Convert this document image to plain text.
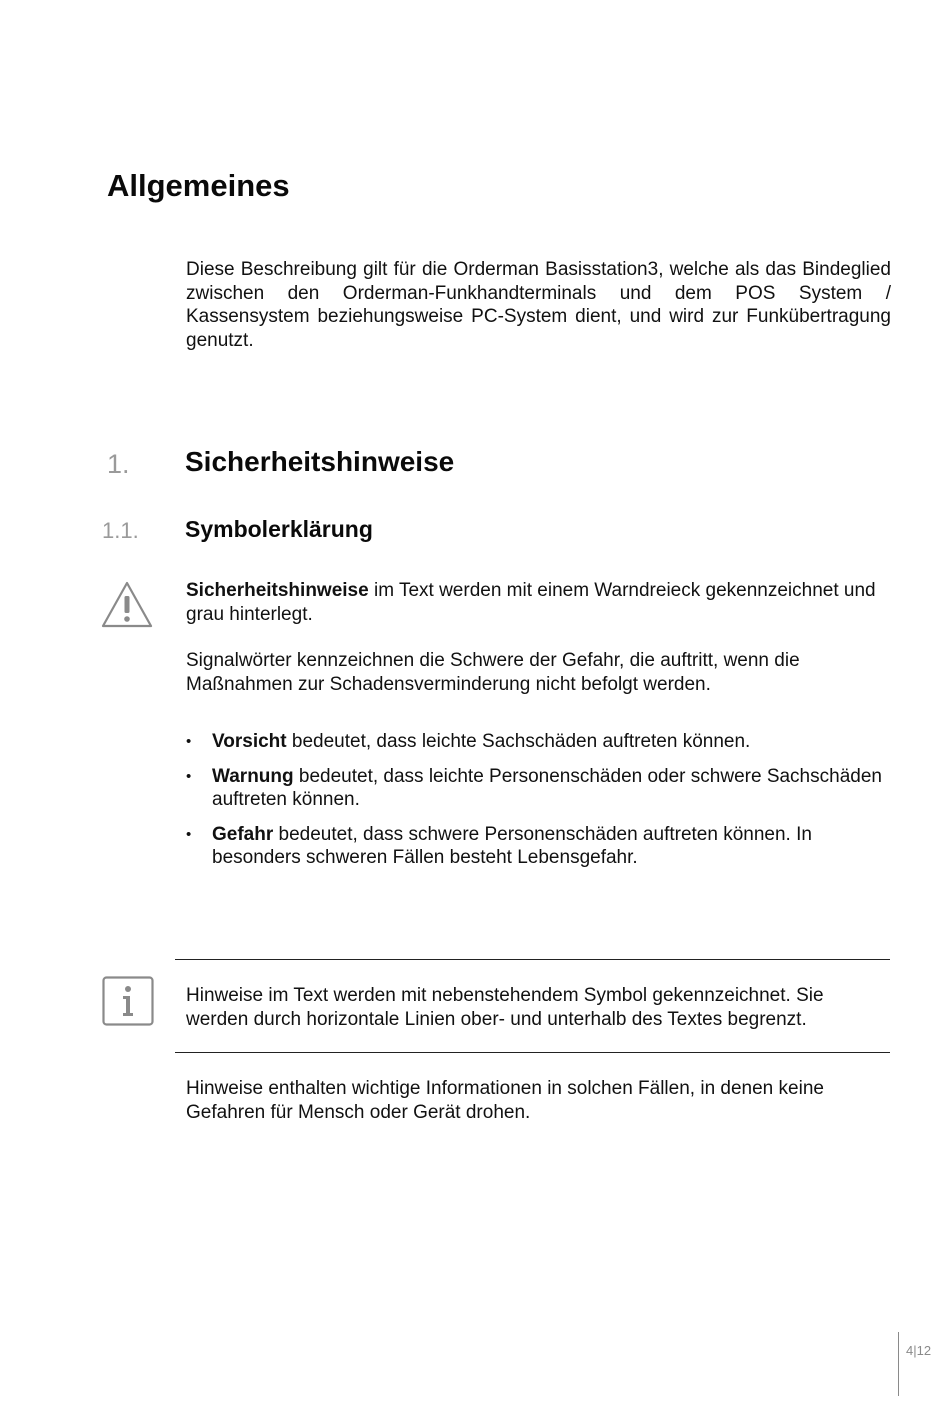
Allgemeines
Diese Beschreibung gilt für die Orderman Basisstation3, welche als das Bindeglied zwischen den Orderman-Funkhandterminals und dem POS System / Kassensystem beziehungsweise PC-System dient, und wird zur Funkübertragung genutzt.
1. Sicherheitshinweise
1.1. Symbolerklärung
Sicherheitshinweise im Text werden mit einem Warndreieck gekennzeichnet und grau hinterlegt.
Signalwörter kennzeichnen die Schwere der Gefahr, die auftritt, wenn die Maßnahmen zur Schadensverminderung nicht befolgt werden.
• Vorsicht bedeutet, dass leichte Sachschäden auftreten können.
• Warnung bedeutet, dass leichte Personenschäden oder schwere Sachschäden auftreten können.
• Gefahr bedeutet, dass schwere Personenschäden auftreten können. In besonders schweren Fällen besteht Lebensgefahr.
Hinweise im Text werden mit nebenstehendem Symbol gekennzeichnet. Sie werden durch horizontale Linien ober- und unterhalb des Textes begrenzt.
Hinweise enthalten wichtige Informationen in solchen Fällen, in denen keine Gefahren für Mensch oder Gerät drohen.
4|12
